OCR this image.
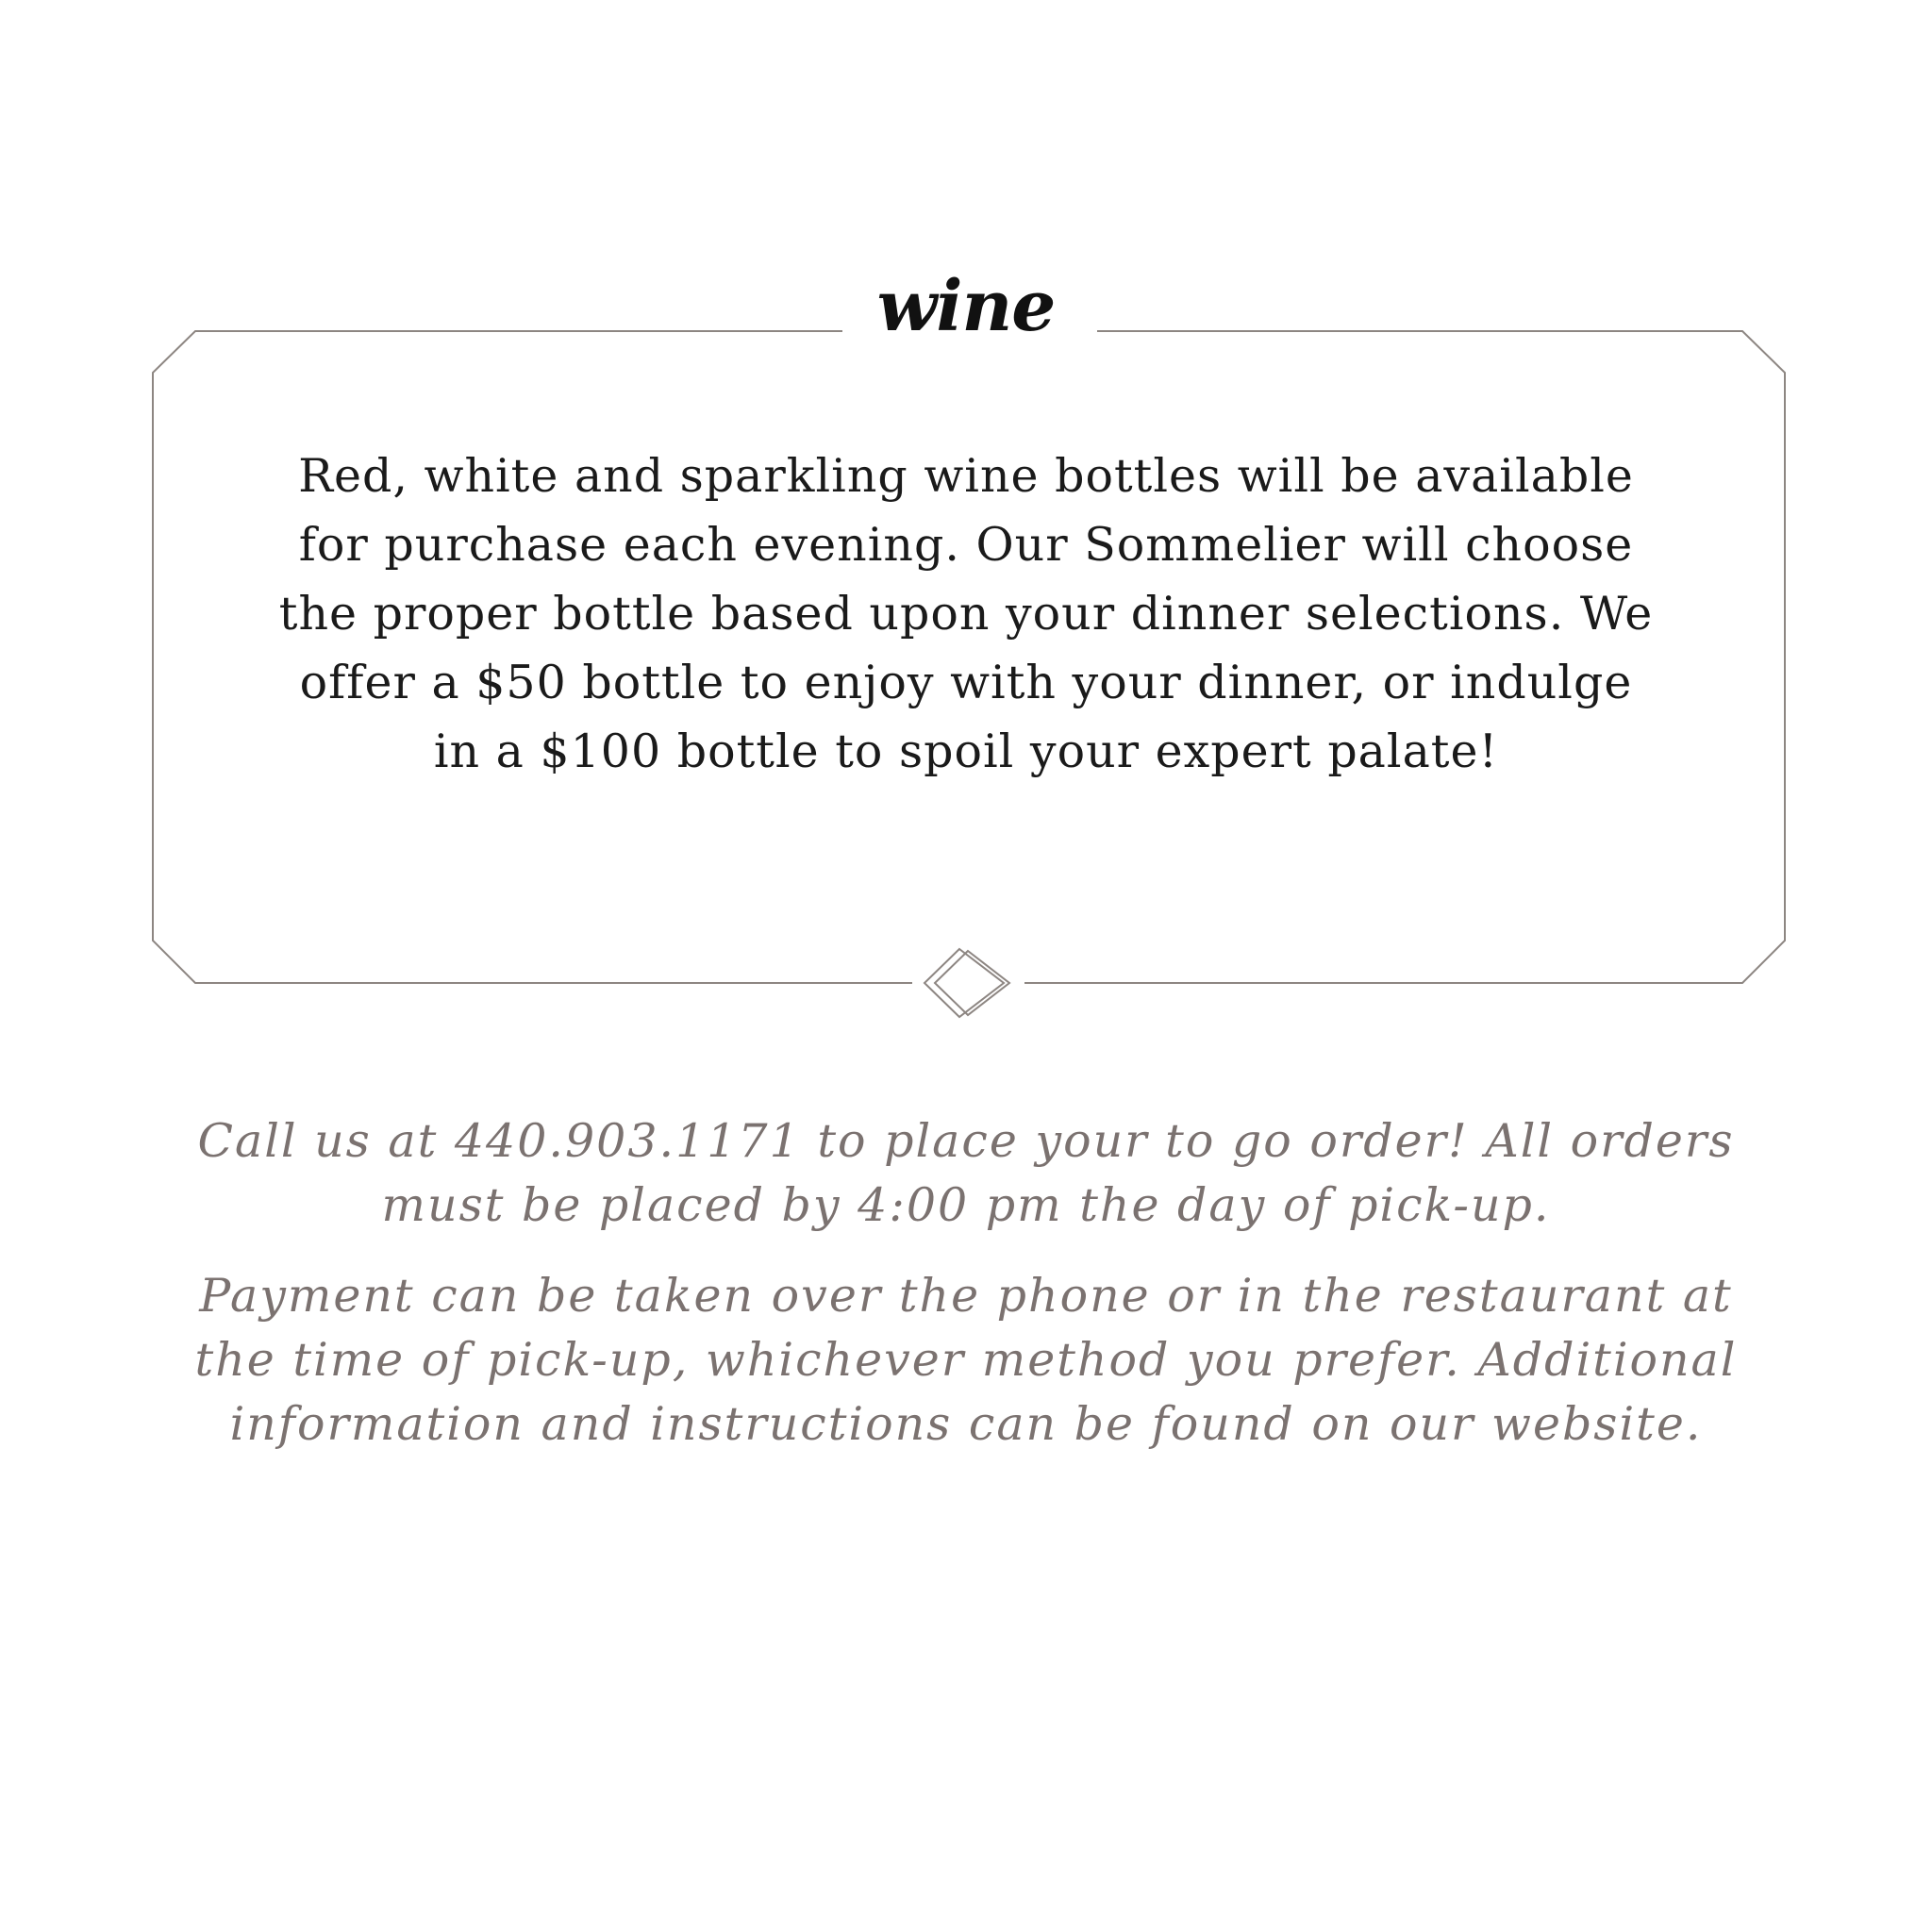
wine

Red, white and sparkling wine bottles will be available for purchase each evening. Our Sommelier will choose the proper bottle based upon your dinner selections. We offer a $50 bottle to enjoy with your dinner, or indulge in a $100 bottle to spoil your expert palate!

Call us at 440.903.1171 to place your to go order! All orders must be placed by 4:00 pm the day of pick-up.

Payment can be taken over the phone or in the restaurant at the time of pick-up, whichever method you prefer. Additional information and instructions can be found on our website.
